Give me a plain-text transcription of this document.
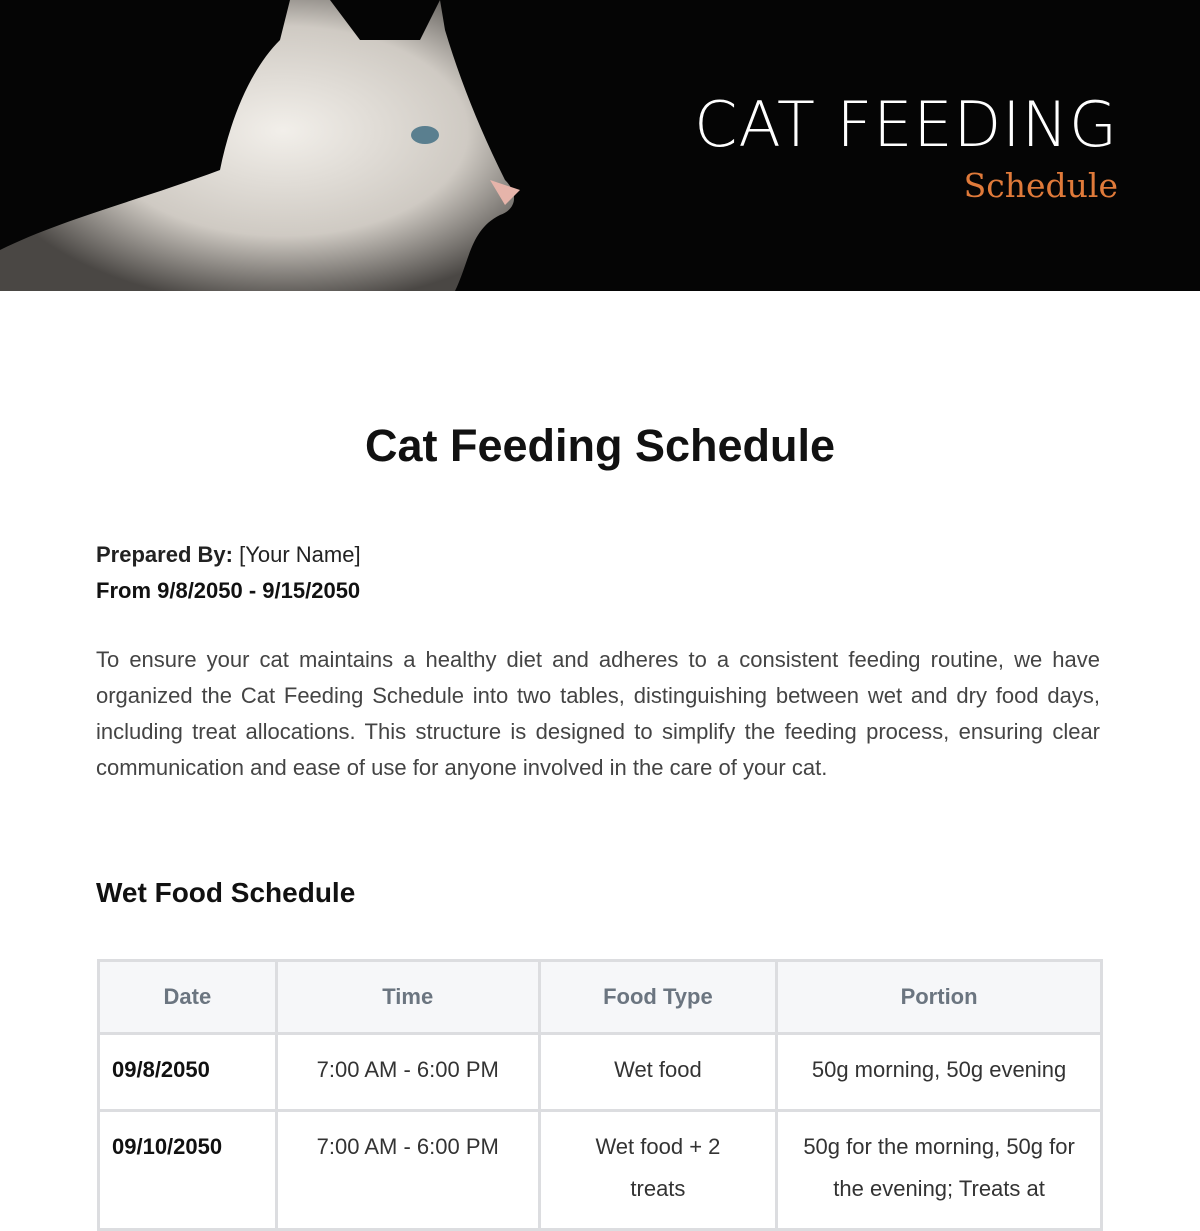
CAT FEEDING
Schedule
Cat Feeding Schedule
Prepared By: [Your Name]
From 9/8/2050 - 9/15/2050

To ensure your cat maintains a healthy diet and adheres to a consistent feeding routine, we have organized the Cat Feeding Schedule into two tables, distinguishing between wet and dry food days, including treat allocations. This structure is designed to simplify the feeding process, ensuring clear communication and ease of use for anyone involved in the care of your cat.

Wet Food Schedule
Date	Time	Food Type	Portion
09/8/2050	7:00 AM - 6:00 PM	Wet food	50g morning, 50g evening
09/10/2050	7:00 AM - 6:00 PM	Wet food + 2 treats	50g for the morning, 50g for the evening; Treats at
